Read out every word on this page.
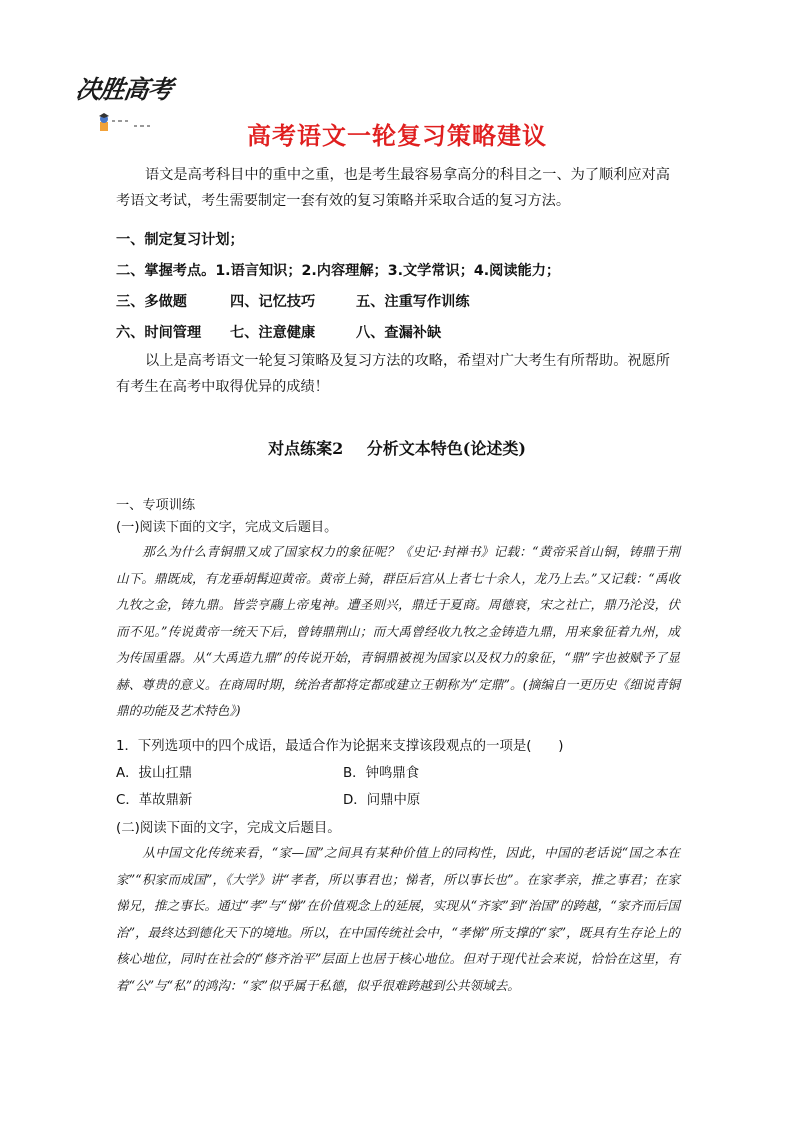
决胜高考
高考语文一轮复习策略建议
语文是高考科目中的重中之重，也是考生最容易拿高分的科目之一、为了顺利应对高考语文考试，考生需要制定一套有效的复习策略并采取合适的复习方法。
一、制定复习计划；
二、掌握考点。1.语言知识；2.内容理解；3.文学常识；4.阅读能力；
三、多做题	四、记忆技巧	五、注重写作训练
六、时间管理 七、注意健康	八、查漏补缺
以上是高考语文一轮复习策略及复习方法的攻略，希望对广大考生有所帮助。祝愿所有考生在高考中取得优异的成绩！
对点练案2 分析文本特色(论述类)
一、专项训练
(一)阅读下面的文字，完成文后题目。
那么为什么青铜鼎又成了国家权力的象征呢？《史记·封禅书》记载：“黄帝采首山铜，铸鼎于荆山下。鼎既成，有龙垂胡髯迎黄帝。黄帝上骑，群臣后宫从上者七十余人，龙乃上去。”又记载：“禹收九牧之金，铸九鼎。皆尝亨鬺上帝鬼神。遭圣则兴，鼎迁于夏商。周德衰，宋之社亡，鼎乃沦没，伏而不见。”传说黄帝一统天下后，曾铸鼎荆山；而大禹曾经收九牧之金铸造九鼎，用来象征着九州，成为传国重器。从“大禹造九鼎”的传说开始，青铜鼎被视为国家以及权力的象征，“鼎”字也被赋予了显赫、尊贵的意义。在商周时期，统治者都将定都或建立王朝称为“定鼎”。(摘编自一更历史《细说青铜鼎的功能及艺术特色》)
1．下列选项中的四个成语，最适合作为论据来支撑该段观点的一项是(　　)
A．拔山扛鼎	B．钟鸣鼎食
C．革故鼎新	D．问鼎中原
(二)阅读下面的文字，完成文后题目。
从中国文化传统来看，“家—国”之间具有某种价值上的同构性，因此，中国的老话说“国之本在家”“积家而成国”，《大学》讲“孝者，所以事君也；悌者，所以事长也”。在家孝亲，推之事君；在家悌兄，推之事长。通过“孝”与“悌”在价值观念上的延展，实现从“齐家”到“治国”的跨越，“家齐而后国治”，最终达到德化天下的境地。所以，在中国传统社会中，“孝悌”所支撑的“家”，既具有生存论上的核心地位，同时在社会的“修齐治平”层面上也居于核心地位。但对于现代社会来说，恰恰在这里，有着“公”与“私”的鸿沟：“家”似乎属于私德，似乎很难跨越到公共领域去。
